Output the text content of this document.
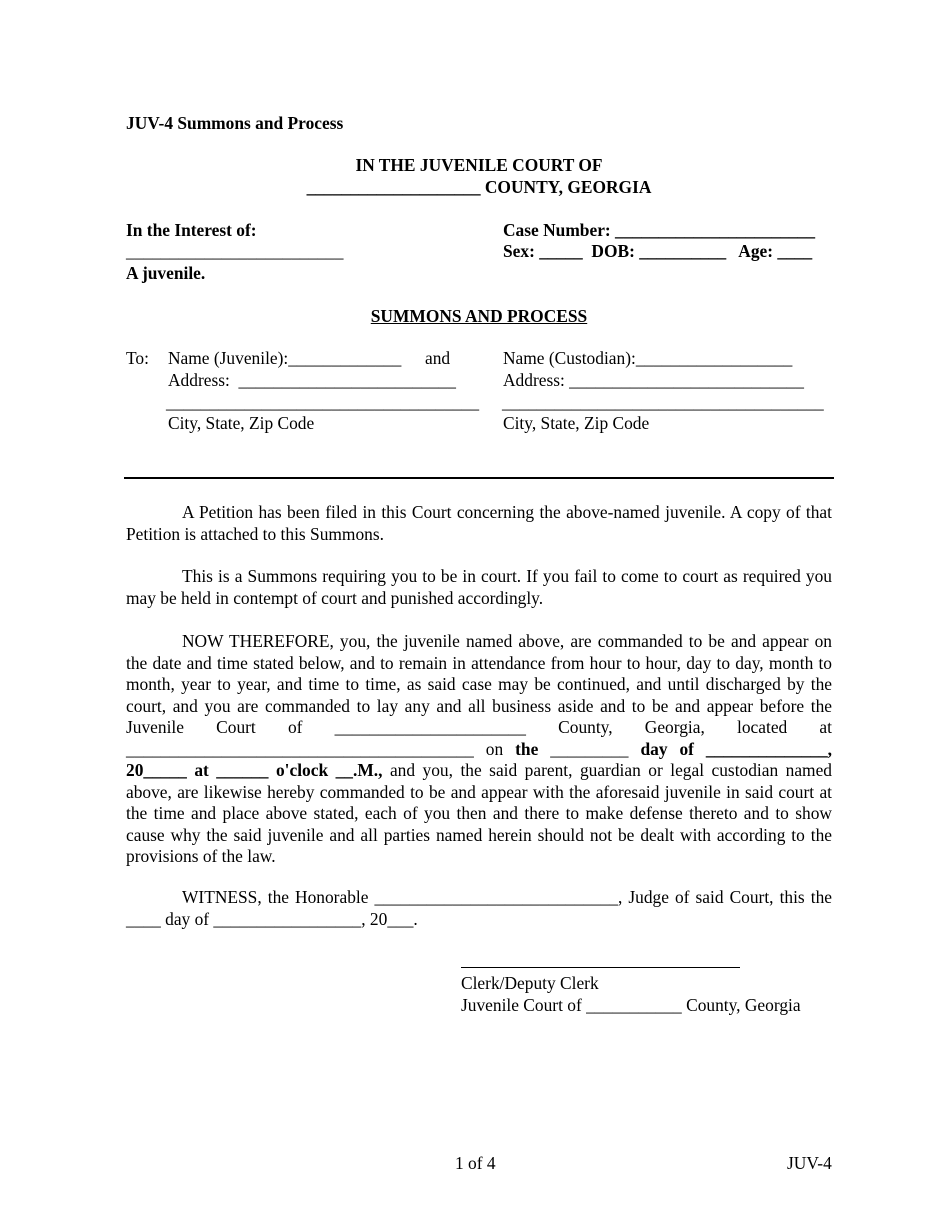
JUV-4 Summons and Process
IN THE JUVENILE COURT OF
____________________ COUNTY, GEORGIA
In the Interest of:
_________________________
A juvenile.
Case Number: _______________________
Sex: _____  DOB: __________   Age: ____
SUMMONS AND PROCESS
To: Name (Juvenile):_____________ and
Address:  _________________________
____________________________________
City, State, Zip Code
Name (Custodian):__________________
Address: ___________________________
_____________________________________
City, State, Zip Code
A Petition has been filed in this Court concerning the above-named juvenile. A copy of that Petition is attached to this Summons.
This is a Summons requiring you to be in court. If you fail to come to court as required you may be held in contempt of court and punished accordingly.
NOW THEREFORE, you, the juvenile named above, are commanded to be and appear on the date and time stated below, and to remain in attendance from hour to hour, day to day, month to month, year to year, and time to time, as said case may be continued, and until discharged by the court, and you are commanded to lay any and all business aside and to be and appear before the Juvenile Court of ______________________ County, Georgia, located at ________________________________________ on the _________ day of ______________, 20_____ at ______ o'clock __.M., and you, the said parent, guardian or legal custodian named above, are likewise hereby commanded to be and appear with the aforesaid juvenile in said court at the time and place above stated, each of you then and there to make defense thereto and to show cause why the said juvenile and all parties named herein should not be dealt with according to the provisions of the law.
WITNESS, the Honorable ____________________________, Judge of said Court, this the ____ day of _________________, 20___.
Clerk/Deputy Clerk
Juvenile Court of ___________ County, Georgia
1 of 4	JUV-4
